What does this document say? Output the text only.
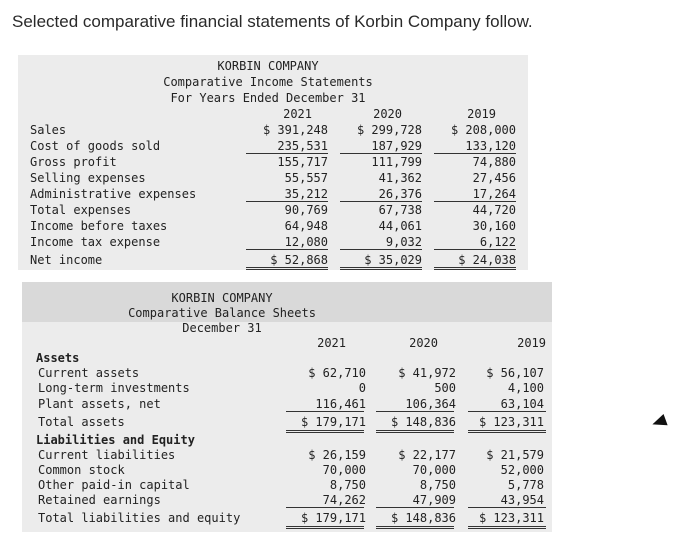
Selected comparative financial statements of Korbin Company follow.
KORBIN COMPANY
Comparative Income Statements
For Years Ended December 31
2021	2020	2019
Sales	$ 391,248 $ 299,728 $ 208,000
Cost of goods sold	235,531	187,929	133,120
Gross profit	155,717	111,799	74,880
Selling expenses	55,557	41,362	27,456
Administrative expenses	35,212	26,376	17,264
Total expenses	90,769	67,738	44,720
Income before taxes	64,948	44,061	30,160
Income tax expense	12,080	9,032	6,122
Net income	$ 52,868	$ 35,029	$ 24,038
KORBIN COMPANY
Comparative Balance Sheets
December 31
2021	2020	2019
Assets
Liabilities and Equity
Current assets	$ 62,710	$ 41,972	$ 56,107
Long-term investments	0	500	4,100
Plant assets, net	116,461	106,364	63,104
Total assets	$ 179,171 $ 148,836 $ 123,311
Current liabilities	$ 26,159	$ 22,177	$ 21,579
Common stock	70,000	70,000	52,000
Other paid-in capital	8,750	8,750	5,778
Retained earnings	74,262	47,909	43,954
Total liabilities and equity	$ 179,171 $ 148,836 $ 123,311
